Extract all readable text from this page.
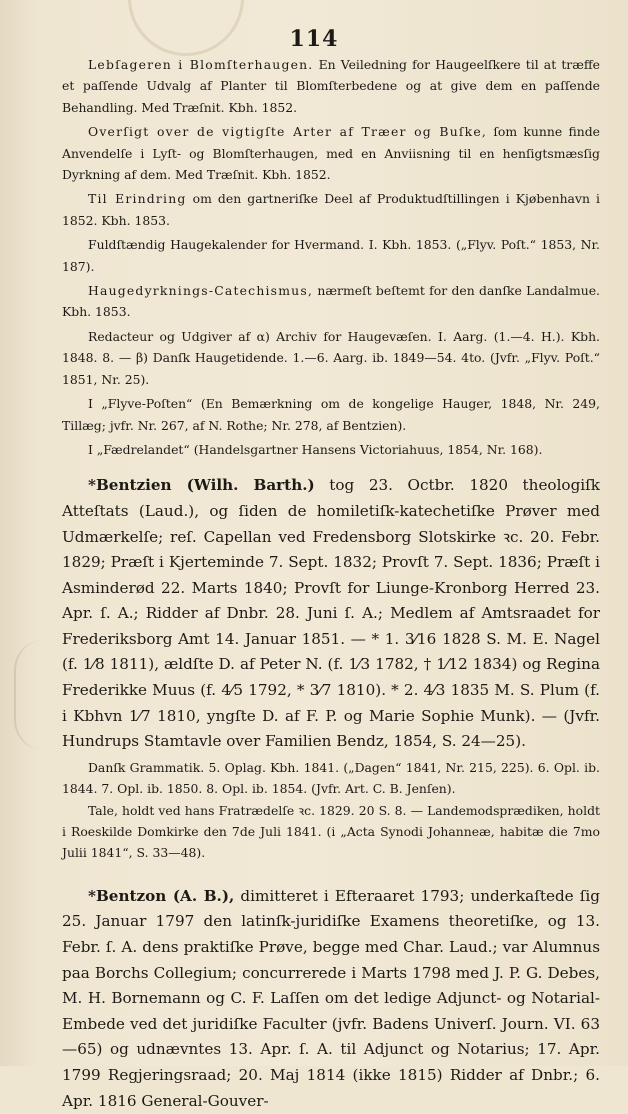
114

Lebſageren i Blomſterhaugen. En Veiledning for Haugeelſkere til at træffe et paſſende Udvalg af Planter til Blomſterbedene og at give dem en paſſende Behandling. Med Træſnit. Kbh. 1852.

Overſigt over de vigtigſte Arter af Træer og Buſke, ſom kunne finde Anvendelſe i Lyſt- og Blomſterhaugen, med en Anviisning til en henſigtsmæsſig Dyrkning af dem. Med Træſnit. Kbh. 1852.

Til Erindring om den gartneriſke Deel af Produktudſtillingen i Kjøbenhavn i 1852. Kbh. 1853.

Fuldſtændig Haugekalender for Hvermand. I. Kbh. 1853. („Flyv. Poſt.“ 1853, Nr. 187).

Haugedyrknings-Catechismus, nærmeſt beſtemt for den danſke Landalmue. Kbh. 1853.

Redacteur og Udgiver af α) Archiv for Haugevæſen. I. Aarg. (1.—4. H.). Kbh. 1848. 8. — β) Danſk Haugetidende. 1.—6. Aarg. ib. 1849—54. 4to. (Jvfr. „Flyv. Poſt.“ 1851, Nr. 25).

I „Flyve-Poſten“ (En Bemærkning om de kongelige Hauger, 1848, Nr. 249, Tillæg; jvfr. Nr. 267, af N. Rothe; Nr. 278, af Bentzien).

I „Fædrelandet“ (Handelsgartner Hansens Victoriahuus, 1854, Nr. 168).

*Bentzien (Wilh. Barth.) tog 23. Octbr. 1820 theologiſk Atteſtats (Laud.), og ſiden de homiletiſk-katechetiſke Prøver med Udmærkelſe; reſ. Capellan ved Fredensborg Slotskirke ꝛc. 20. Febr. 1829; Præſt i Kjerteminde 7. Sept. 1832; Provſt 7. Sept. 1836; Præſt i Asminderød 22. Marts 1840; Provſt for Liunge-Kronborg Herred 23. Apr. ſ. A.; Ridder af Dnbr. 28. Juni ſ. A.; Medlem af Amtsraadet for Frederiksborg Amt 14. Januar 1851. — * 1. 3⁄16 1828 S. M. E. Nagel (f. 1⁄8 1811), ældſte D. af Peter N. (f. 1⁄3 1782, † 1⁄12 1834) og Regina Frederikke Muus (f. 4⁄5 1792, * 3⁄7 1810). * 2. 4⁄3 1835 M. S. Plum (f. i Kbhvn 1⁄7 1810, yngſte D. af F. P. og Marie Sophie Munk). — (Jvfr. Hundrups Stamtavle over Familien Bendz, 1854, S. 24—25).

Danſk Grammatik. 5. Oplag. Kbh. 1841. („Dagen“ 1841, Nr. 215, 225). 6. Opl. ib. 1844. 7. Opl. ib. 1850. 8. Opl. ib. 1854. (Jvfr. Art. C. B. Jenſen).

Tale, holdt ved hans Fratrædelſe ꝛc. 1829. 20 S. 8. — Landemodsprædiken, holdt i Roeskilde Domkirke den 7de Juli 1841. (i „Acta Synodi Johanneæ, habitæ die 7mo Julii 1841“, S. 33—48).

*Bentzon (A. B.), dimitteret i Efteraaret 1793; underkaſtede ſig 25. Januar 1797 den latinſk-juridiſke Examens theoretiſke, og 13. Febr. ſ. A. dens praktiſke Prøve, begge med Char. Laud.; var Alumnus paa Borchs Collegium; concurrerede i Marts 1798 med J. P. G. Debes, M. H. Bornemann og C. F. Laſſen om det ledige Adjunct- og Notarial-Embede ved det juridiſke Faculter (jvfr. Badens Univerſ. Journ. VI. 63—65) og udnævntes 13. Apr. ſ. A. til Adjunct og Notarius; 17. Apr. 1799 Regjeringsraad; 20. Maj 1814 (ikke 1815) Ridder af Dnbr.; 6. Apr. 1816 General-Gouver-
